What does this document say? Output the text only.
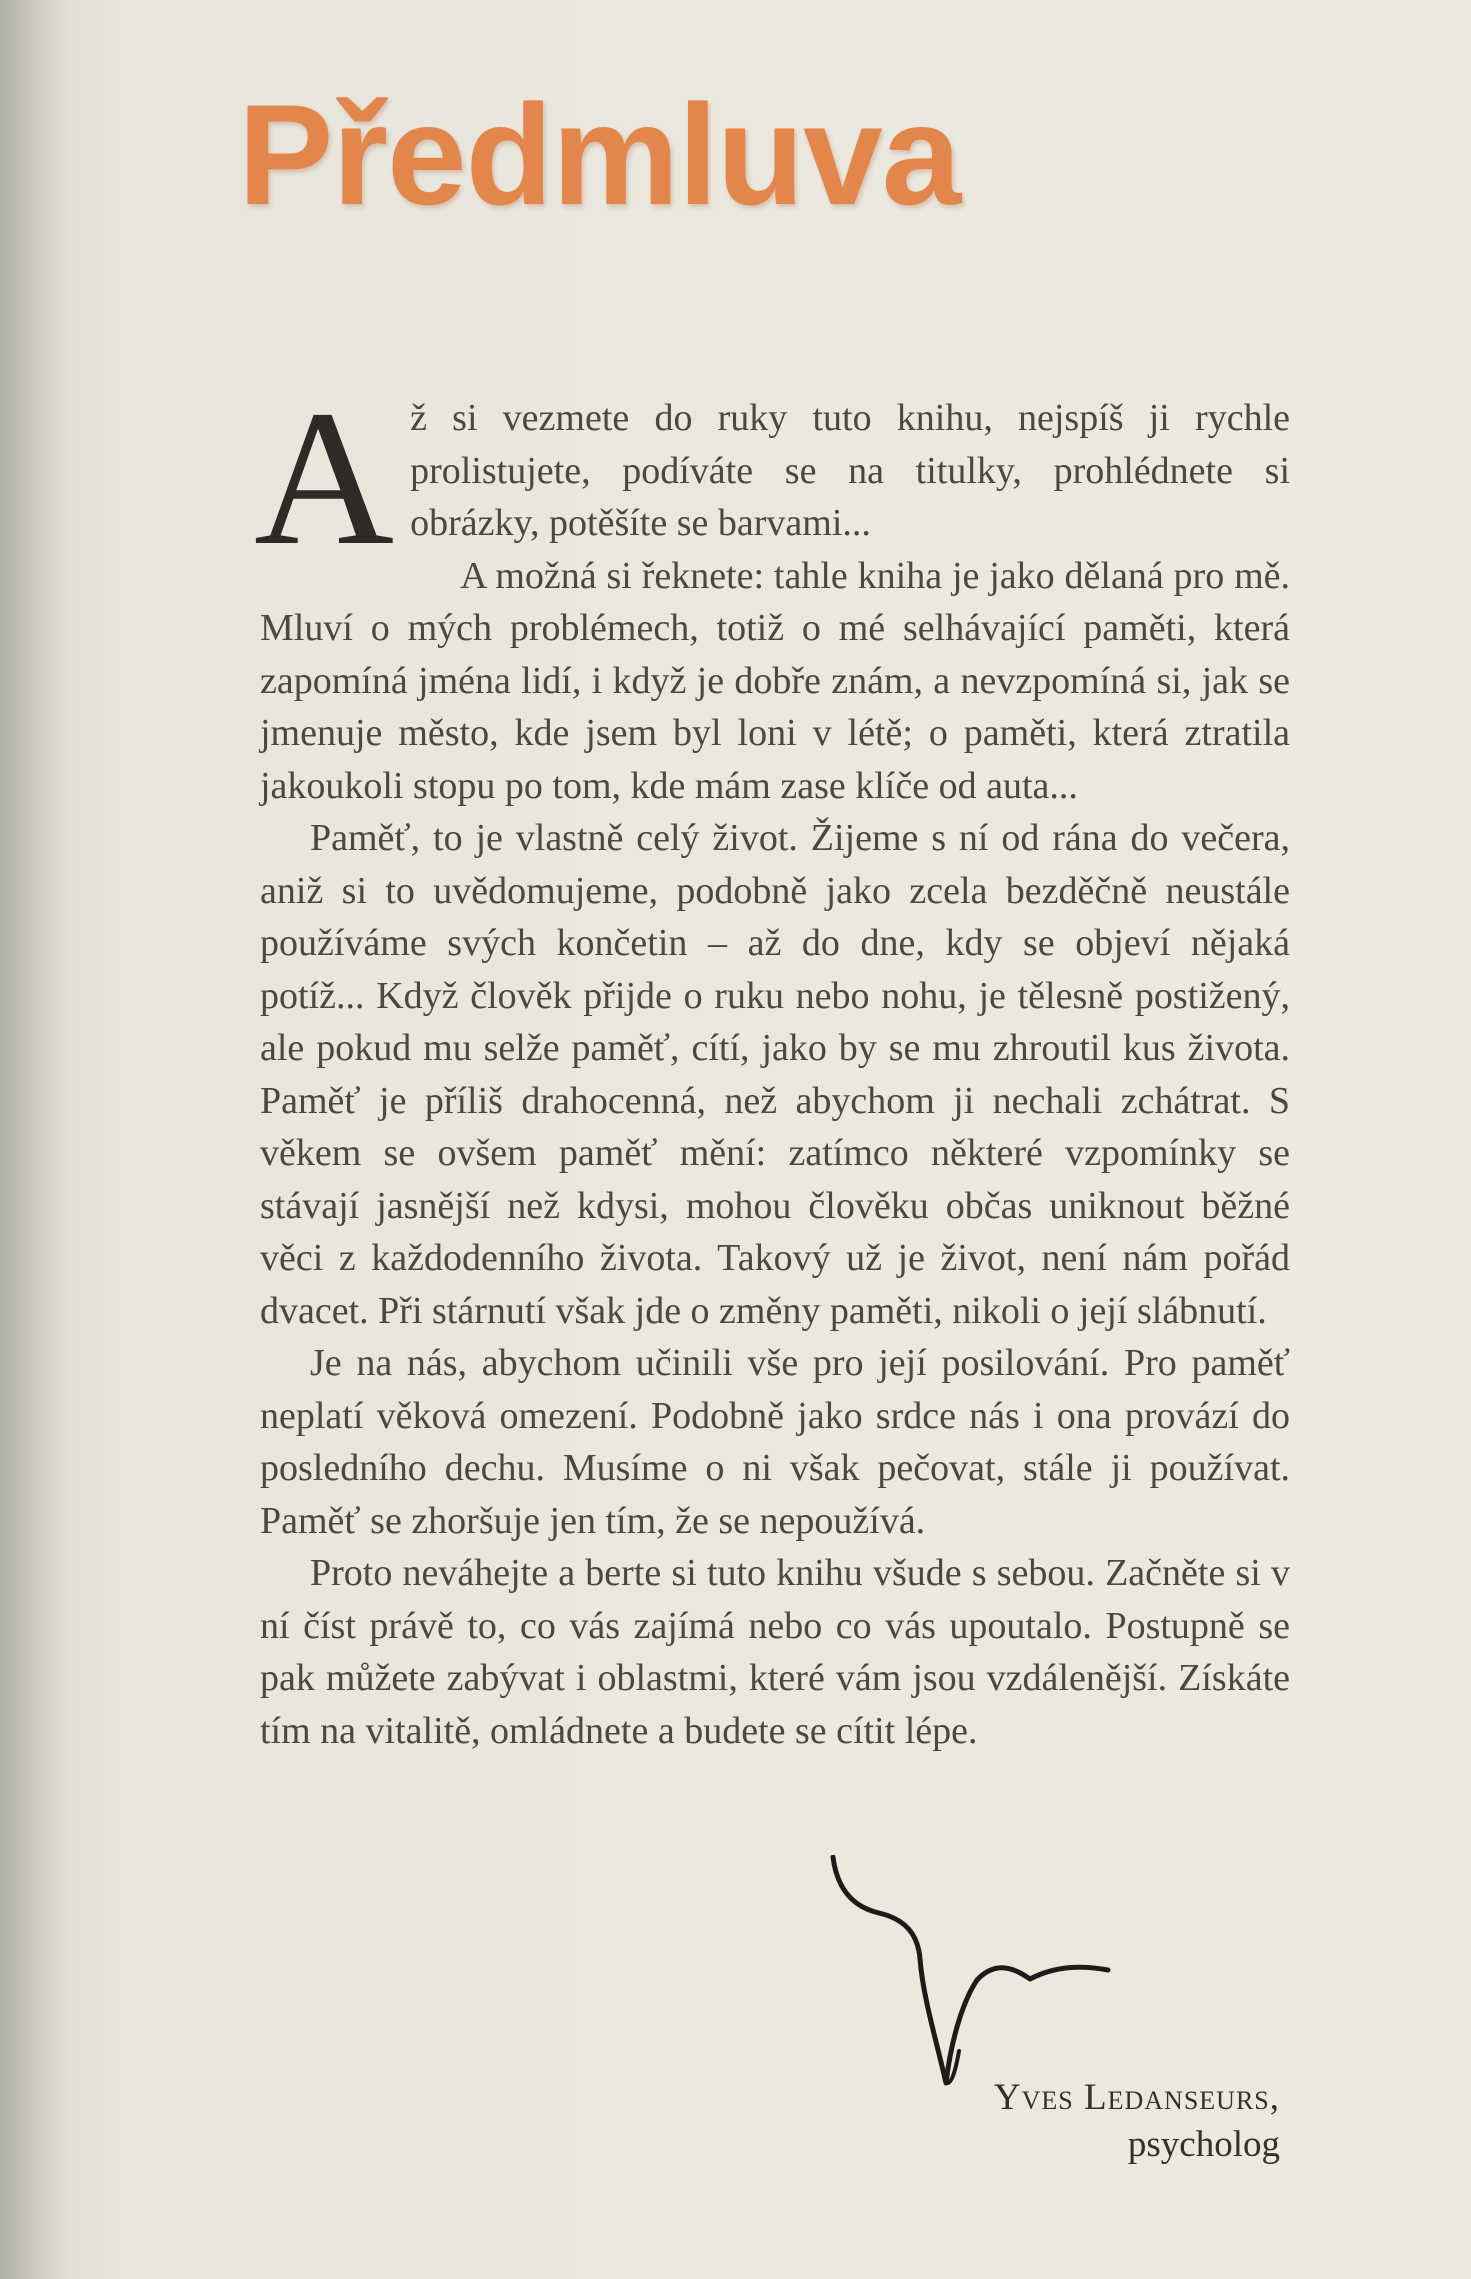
Předmluva

Až si vezmete do ruky tuto knihu, nejspíš ji rychle prolistujete, podíváte se na titulky, prohlédnete si obrázky, potěšíte se barvami...

A možná si řeknete: tahle kniha je jako dělaná pro mě. Mluví o mých problémech, totiž o mé selhávající paměti, která zapomíná jména lidí, i když je dobře znám, a nevzpomíná si, jak se jmenuje město, kde jsem byl loni v létě; o paměti, která ztratila jakoukoli stopu po tom, kde mám zase klíče od auta...

Paměť, to je vlastně celý život. Žijeme s ní od rána do večera, aniž si to uvědomujeme, podobně jako zcela bezděčně neustále používáme svých končetin – až do dne, kdy se objeví nějaká potíž... Když člověk přijde o ruku nebo nohu, je tělesně postižený, ale pokud mu selže paměť, cítí, jako by se mu zhroutil kus života. Paměť je příliš drahocenná, než abychom ji nechali zchátrat. S věkem se ovšem paměť mění: zatímco některé vzpomínky se stávají jasnější než kdysi, mohou člověku občas uniknout běžné věci z každodenního života. Takový už je život, není nám pořád dvacet. Při stárnutí však jde o změny paměti, nikoli o její slábnutí.

Je na nás, abychom učinili vše pro její posilování. Pro paměť neplatí věková omezení. Podobně jako srdce nás i ona provází do posledního dechu. Musíme o ni však pečovat, stále ji používat. Paměť se zhoršuje jen tím, že se nepoužívá.

Proto neváhejte a berte si tuto knihu všude s sebou. Začněte si v ní číst právě to, co vás zajímá nebo co vás upoutalo. Postupně se pak můžete zabývat i oblastmi, které vám jsou vzdálenější. Získáte tím na vitalitě, omládnete a budete se cítit lépe.

Yves Ledanseurs,
psycholog
